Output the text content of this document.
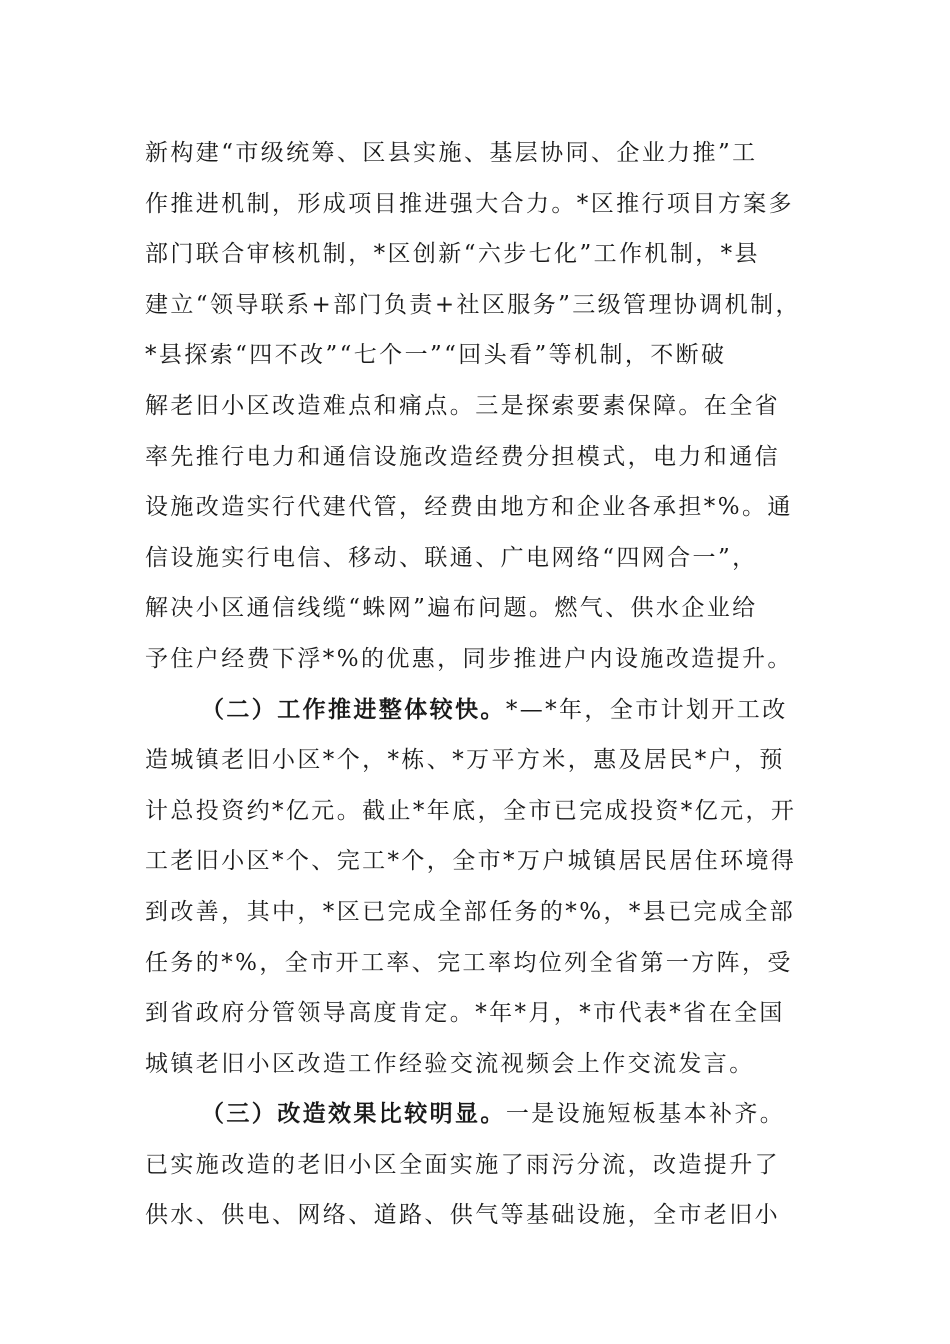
新构建“市级统筹、区县实施、基层协同、企业力推”工
作推进机制，形成项目推进强大合力。*区推行项目方案多
部门联合审核机制，*区创新“六步七化”工作机制，*县
建立“领导联系+部门负责+社区服务”三级管理协调机制，
*县探索“四不改”“七个一”“回头看”等机制，不断破
解老旧小区改造难点和痛点。三是探索要素保障。在全省
率先推行电力和通信设施改造经费分担模式，电力和通信
设施改造实行代建代管，经费由地方和企业各承担*%。通
信设施实行电信、移动、联通、广电网络“四网合一”，
解决小区通信线缆“蛛网”遍布问题。燃气、供水企业给
予住户经费下浮*%的优惠，同步推进户内设施改造提升。
（二）工作推进整体较快。*—*年，全市计划开工改
造城镇老旧小区*个，*栋、*万平方米，惠及居民*户，预
计总投资约*亿元。截止*年底，全市已完成投资*亿元，开
工老旧小区*个、完工*个，全市*万户城镇居民居住环境得
到改善，其中，*区已完成全部任务的*%，*县已完成全部
任务的*%，全市开工率、完工率均位列全省第一方阵，受
到省政府分管领导高度肯定。*年*月，*市代表*省在全国
城镇老旧小区改造工作经验交流视频会上作交流发言。
（三）改造效果比较明显。一是设施短板基本补齐。
已实施改造的老旧小区全面实施了雨污分流，改造提升了
供水、供电、网络、道路、供气等基础设施，全市老旧小
